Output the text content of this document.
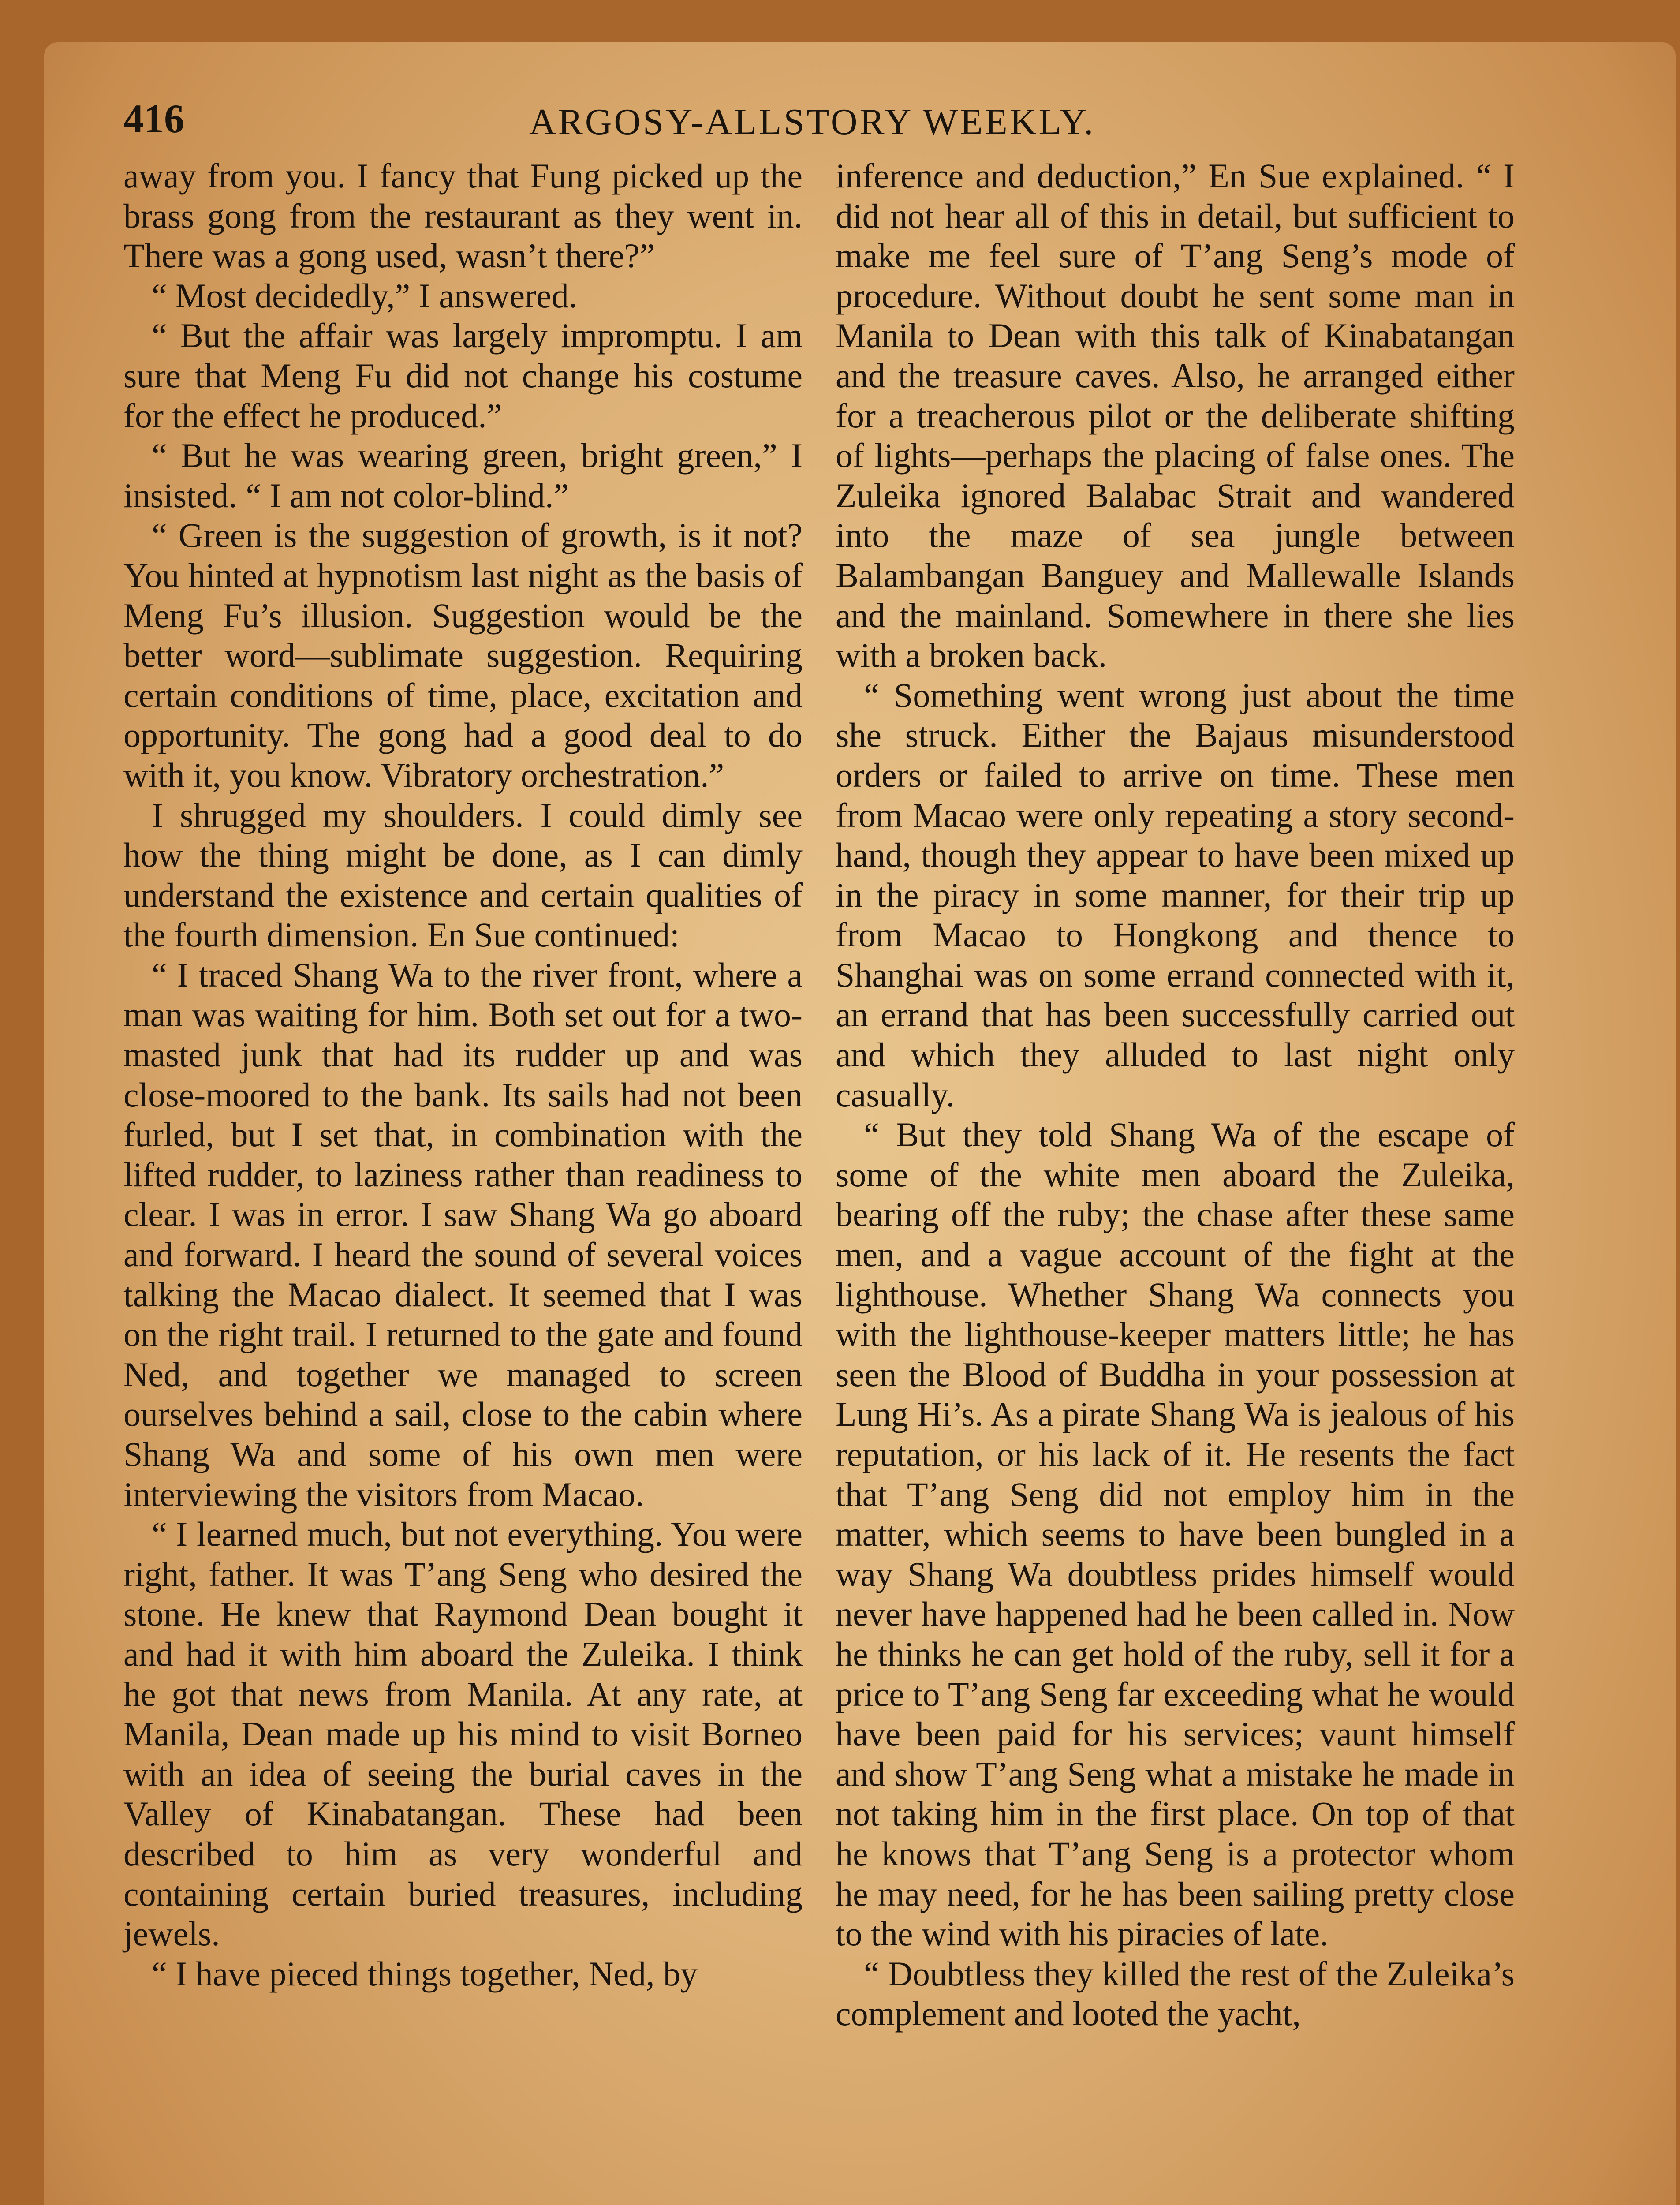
416	ARGOSY-ALLSTORY WEEKLY.

away from you. I fancy that Fung picked up the brass gong from the restaurant as they went in. There was a gong used, wasn’t there?”

“ Most decidedly,” I answered.

“ But the affair was largely impromptu. I am sure that Meng Fu did not change his costume for the effect he produced.”

“ But he was wearing green, bright green,” I insisted. “ I am not color-blind.”

“ Green is the suggestion of growth, is it not? You hinted at hypnotism last night as the basis of Meng Fu’s illusion. Suggestion would be the better word—sublimate suggestion. Requiring certain conditions of time, place, excitation and opportunity. The gong had a good deal to do with it, you know. Vibratory orchestration.”

I shrugged my shoulders. I could dimly see how the thing might be done, as I can dimly understand the existence and certain qualities of the fourth dimension. En Sue continued:

“ I traced Shang Wa to the river front, where a man was waiting for him. Both set out for a two-masted junk that had its rudder up and was close-moored to the bank. Its sails had not been furled, but I set that, in combination with the lifted rudder, to laziness rather than readiness to clear. I was in error. I saw Shang Wa go aboard and forward. I heard the sound of several voices talking the Macao dialect. It seemed that I was on the right trail. I returned to the gate and found Ned, and together we managed to screen ourselves behind a sail, close to the cabin where Shang Wa and some of his own men were interviewing the visitors from Macao.

“ I learned much, but not everything. You were right, father. It was T’ang Seng who desired the stone. He knew that Raymond Dean bought it and had it with him aboard the Zuleika. I think he got that news from Manila. At any rate, at Manila, Dean made up his mind to visit Borneo with an idea of seeing the burial caves in the Valley of Kinabatangan. These had been described to him as very wonderful and containing certain buried treasures, including jewels.

“ I have pieced things together, Ned, by

inference and deduction,” En Sue explained. “ I did not hear all of this in detail, but sufficient to make me feel sure of T’ang Seng’s mode of procedure. Without doubt he sent some man in Manila to Dean with this talk of Kinabatangan and the treasure caves. Also, he arranged either for a treacherous pilot or the deliberate shifting of lights—perhaps the placing of false ones. The Zuleika ignored Balabac Strait and wandered into the maze of sea jungle between Balambangan Banguey and Mallewalle Islands and the mainland. Somewhere in there she lies with a broken back.

“ Something went wrong just about the time she struck. Either the Bajaus misunderstood orders or failed to arrive on time. These men from Macao were only repeating a story second-hand, though they appear to have been mixed up in the piracy in some manner, for their trip up from Macao to Hongkong and thence to Shanghai was on some errand connected with it, an errand that has been successfully carried out and which they alluded to last night only casually.

“ But they told Shang Wa of the escape of some of the white men aboard the Zuleika, bearing off the ruby; the chase after these same men, and a vague account of the fight at the lighthouse. Whether Shang Wa connects you with the lighthouse-keeper matters little; he has seen the Blood of Buddha in your possession at Lung Hi’s. As a pirate Shang Wa is jealous of his reputation, or his lack of it. He resents the fact that T’ang Seng did not employ him in the matter, which seems to have been bungled in a way Shang Wa doubtless prides himself would never have happened had he been called in. Now he thinks he can get hold of the ruby, sell it for a price to T’ang Seng far exceeding what he would have been paid for his services; vaunt himself and show T’ang Seng what a mistake he made in not taking him in the first place. On top of that he knows that T’ang Seng is a protector whom he may need, for he has been sailing pretty close to the wind with his piracies of late.

“ Doubtless they killed the rest of the Zuleika’s complement and looted the yacht,
